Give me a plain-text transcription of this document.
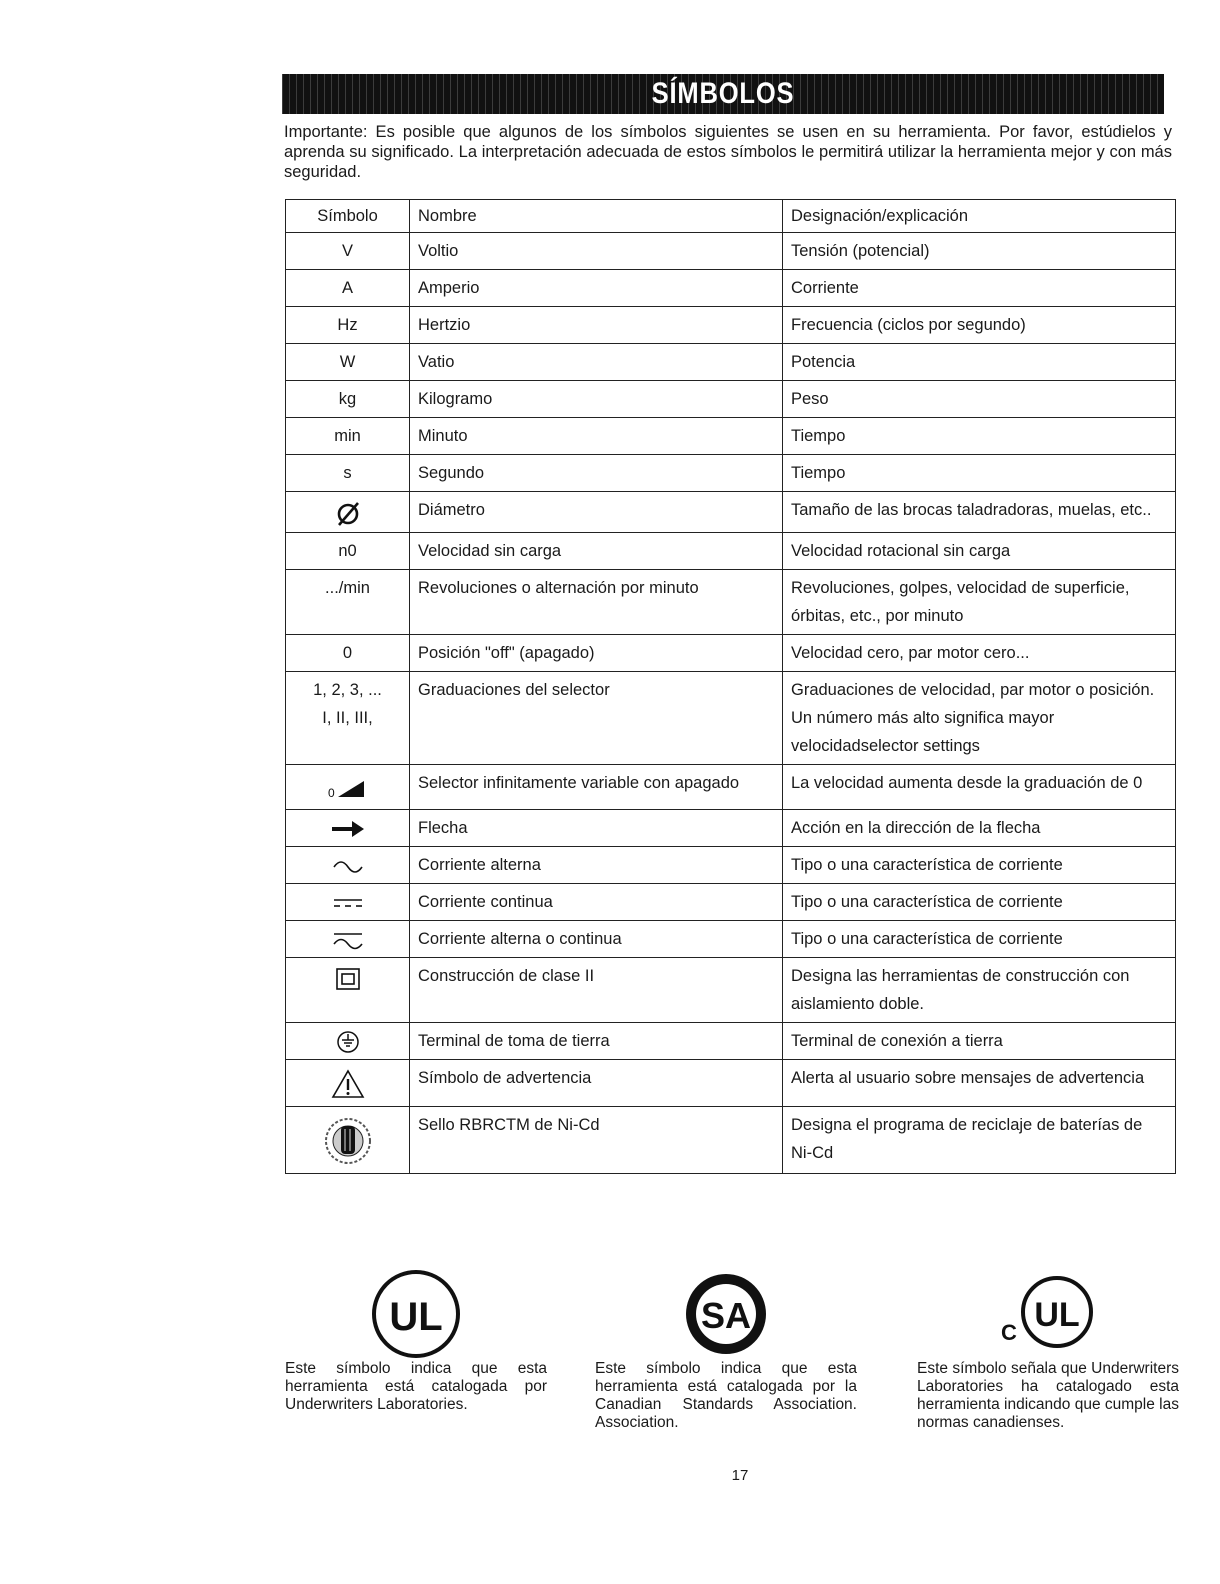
SÍMBOLOS

Importante: Es posible que algunos de los símbolos siguientes se usen en su herramienta. Por favor, estúdielos y aprenda su significado. La interpretación adecuada de estos símbolos le permitirá utilizar la herramienta mejor y con más seguridad.

Símbolo	Nombre	Designación/explicación
V	Voltio	Tensión (potencial)
A	Amperio	Corriente
Hz	Hertzio	Frecuencia (ciclos por segundo)
W	Vatio	Potencia
kg	Kilogramo	Peso
min	Minuto	Tiempo
s	Segundo	Tiempo

	Diámetro	Tamaño de las brocas taladradoras, muelas, etc..
n0	Velocidad sin carga	Velocidad rotacional sin carga
.../min	Revoluciones o alternación por minuto	Revoluciones, golpes, velocidad de superficie, órbitas, etc., por minuto
0	Posición "off" (apagado)	Velocidad cero, par motor cero...

1, 2, 3, ...
I, II, III,	Graduaciones del selector	Graduaciones de velocidad, par motor o posición. Un número más alto significa mayor velocidadselector settings

0	Selector infinitamente variable con apagado	La velocidad aumenta desde la graduación de 0

	Flecha	Acción en la dirección de la flecha

	Corriente alterna	Tipo o una característica de corriente

	Corriente continua	Tipo o una característica de corriente

	Corriente alterna o continua	Tipo o una característica de corriente

	Construcción de clase II	Designa las herramientas de construcción con aislamiento doble.

	Terminal de toma de tierra	Terminal de conexión a tierra

	Símbolo de advertencia	Alerta al usuario sobre mensajes de advertencia

	Sello RBRCTM de Ni-Cd	Designa el programa de reciclaje de baterías de Ni-Cd
UL

Este símbolo indica que esta herramienta está catalogada por Underwriters Laboratories.

SA

Este símbolo indica que esta herramienta está catalogada por la Canadian Standards Association. Association.

C UL

Este símbolo señala que Underwriters Laboratories ha catalogado esta herramienta indicando que cumple las normas canadienses.

17
